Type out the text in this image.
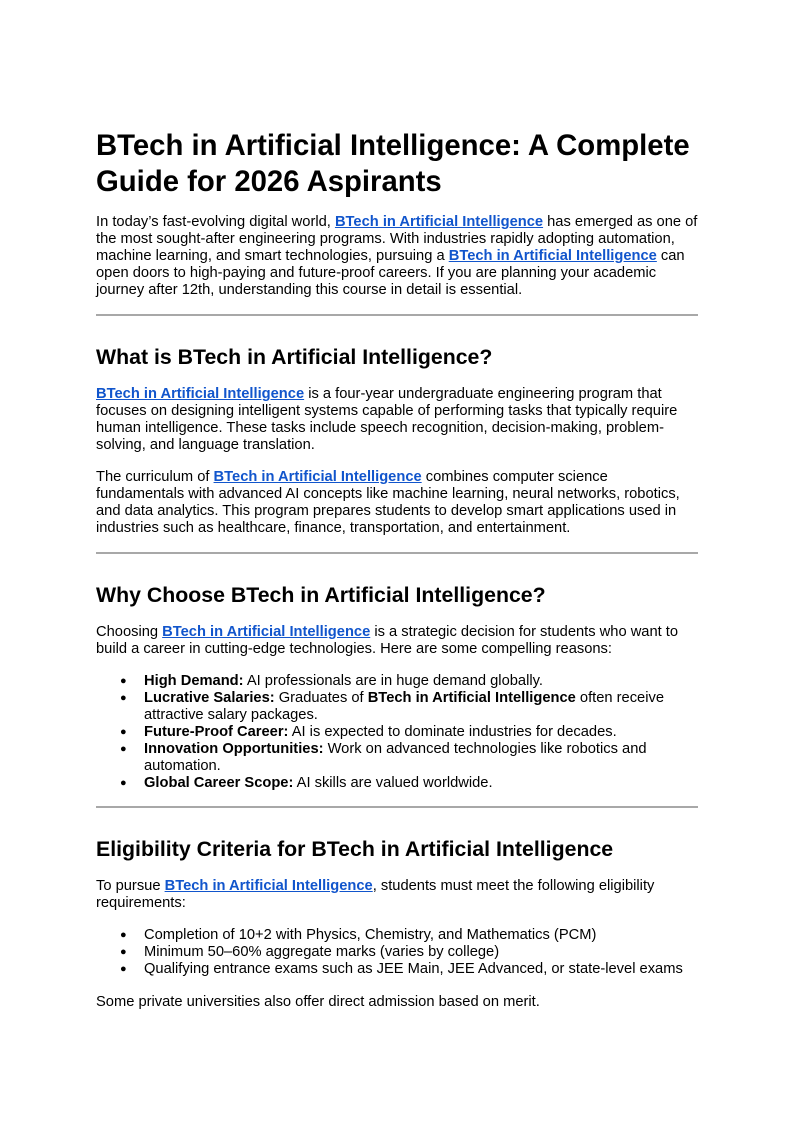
BTech in Artificial Intelligence: A Complete Guide for 2026 Aspirants

In today’s fast-evolving digital world, BTech in Artificial Intelligence has emerged as one of the most sought-after engineering programs. With industries rapidly adopting automation, machine learning, and smart technologies, pursuing a BTech in Artificial Intelligence can open doors to high-paying and future-proof careers. If you are planning your academic journey after 12th, understanding this course in detail is essential.

What is BTech in Artificial Intelligence?

BTech in Artificial Intelligence is a four-year undergraduate engineering program that focuses on designing intelligent systems capable of performing tasks that typically require human intelligence. These tasks include speech recognition, decision-making, problem-solving, and language translation.

The curriculum of BTech in Artificial Intelligence combines computer science fundamentals with advanced AI concepts like machine learning, neural networks, robotics, and data analytics. This program prepares students to develop smart applications used in industries such as healthcare, finance, transportation, and entertainment.

Why Choose BTech in Artificial Intelligence?

Choosing BTech in Artificial Intelligence is a strategic decision for students who want to build a career in cutting-edge technologies. Here are some compelling reasons:

● High Demand: AI professionals are in huge demand globally.
● Lucrative Salaries: Graduates of BTech in Artificial Intelligence often receive attractive salary packages.
● Future-Proof Career: AI is expected to dominate industries for decades.
● Innovation Opportunities: Work on advanced technologies like robotics and automation.
● Global Career Scope: AI skills are valued worldwide.
Eligibility Criteria for BTech in Artificial Intelligence

To pursue BTech in Artificial Intelligence, students must meet the following eligibility requirements:

● Completion of 10+2 with Physics, Chemistry, and Mathematics (PCM)
● Minimum 50–60% aggregate marks (varies by college)
● Qualifying entrance exams such as JEE Main, JEE Advanced, or state-level exams

Some private universities also offer direct admission based on merit.
